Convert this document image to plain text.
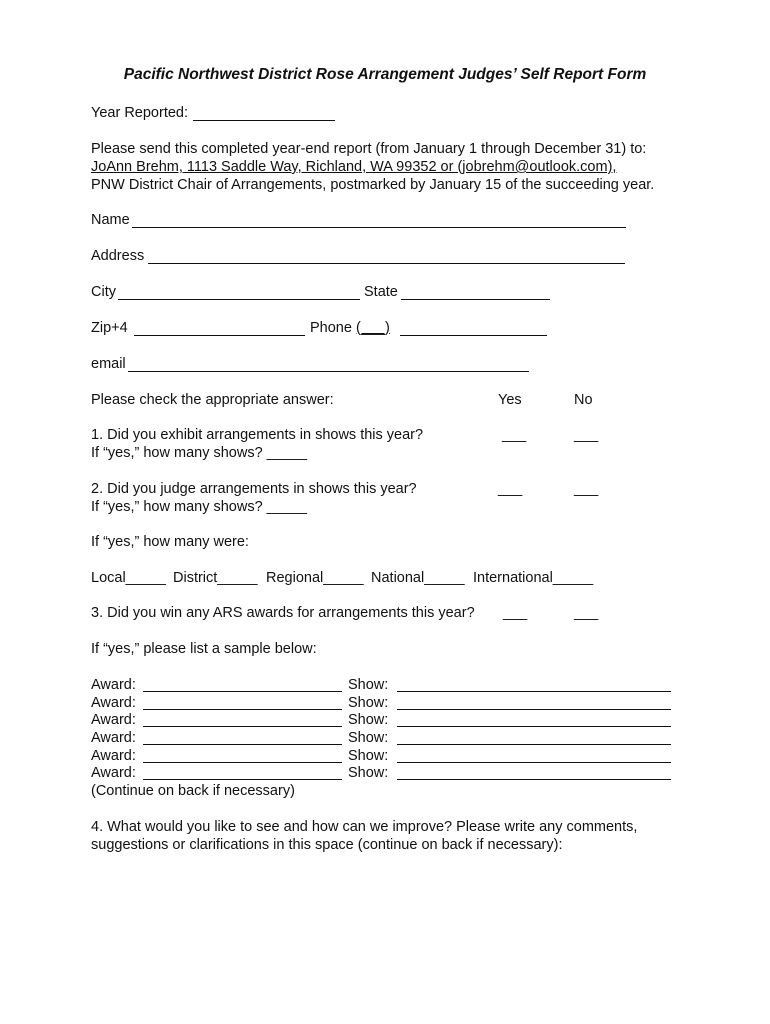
Pacific Northwest District Rose Arrangement Judges’ Self Report Form
Year Reported:
Please send this completed year-end report (from January 1 through December 31) to:
JoAnn Brehm, 1113 Saddle Way, Richland, WA 99352 or (jobrehm@outlook.com),
PNW District Chair of Arrangements, postmarked by January 15 of the succeeding year.
Name
Address
City	State
Zip+4	Phone (___)
email
Please check the appropriate answer:	Yes	No
1. Did you exhibit arrangements in shows this year?	___	___
If “yes,” how many shows? _____
2. Did you judge arrangements in shows this year?	___	___
If “yes,” how many shows? _____
If “yes,” how many were:
Local_____ District_____ Regional_____ National_____ International_____
3. Did you win any ARS awards for arrangements this year? ___	___
If “yes,” please list a sample below:
Award:	Show:
Award:	Show:
Award:	Show:
Award:	Show:
Award:	Show:
Award:	Show:
(Continue on back if necessary)
4. What would you like to see and how can we improve? Please write any comments,
suggestions or clarifications in this space (continue on back if necessary):
